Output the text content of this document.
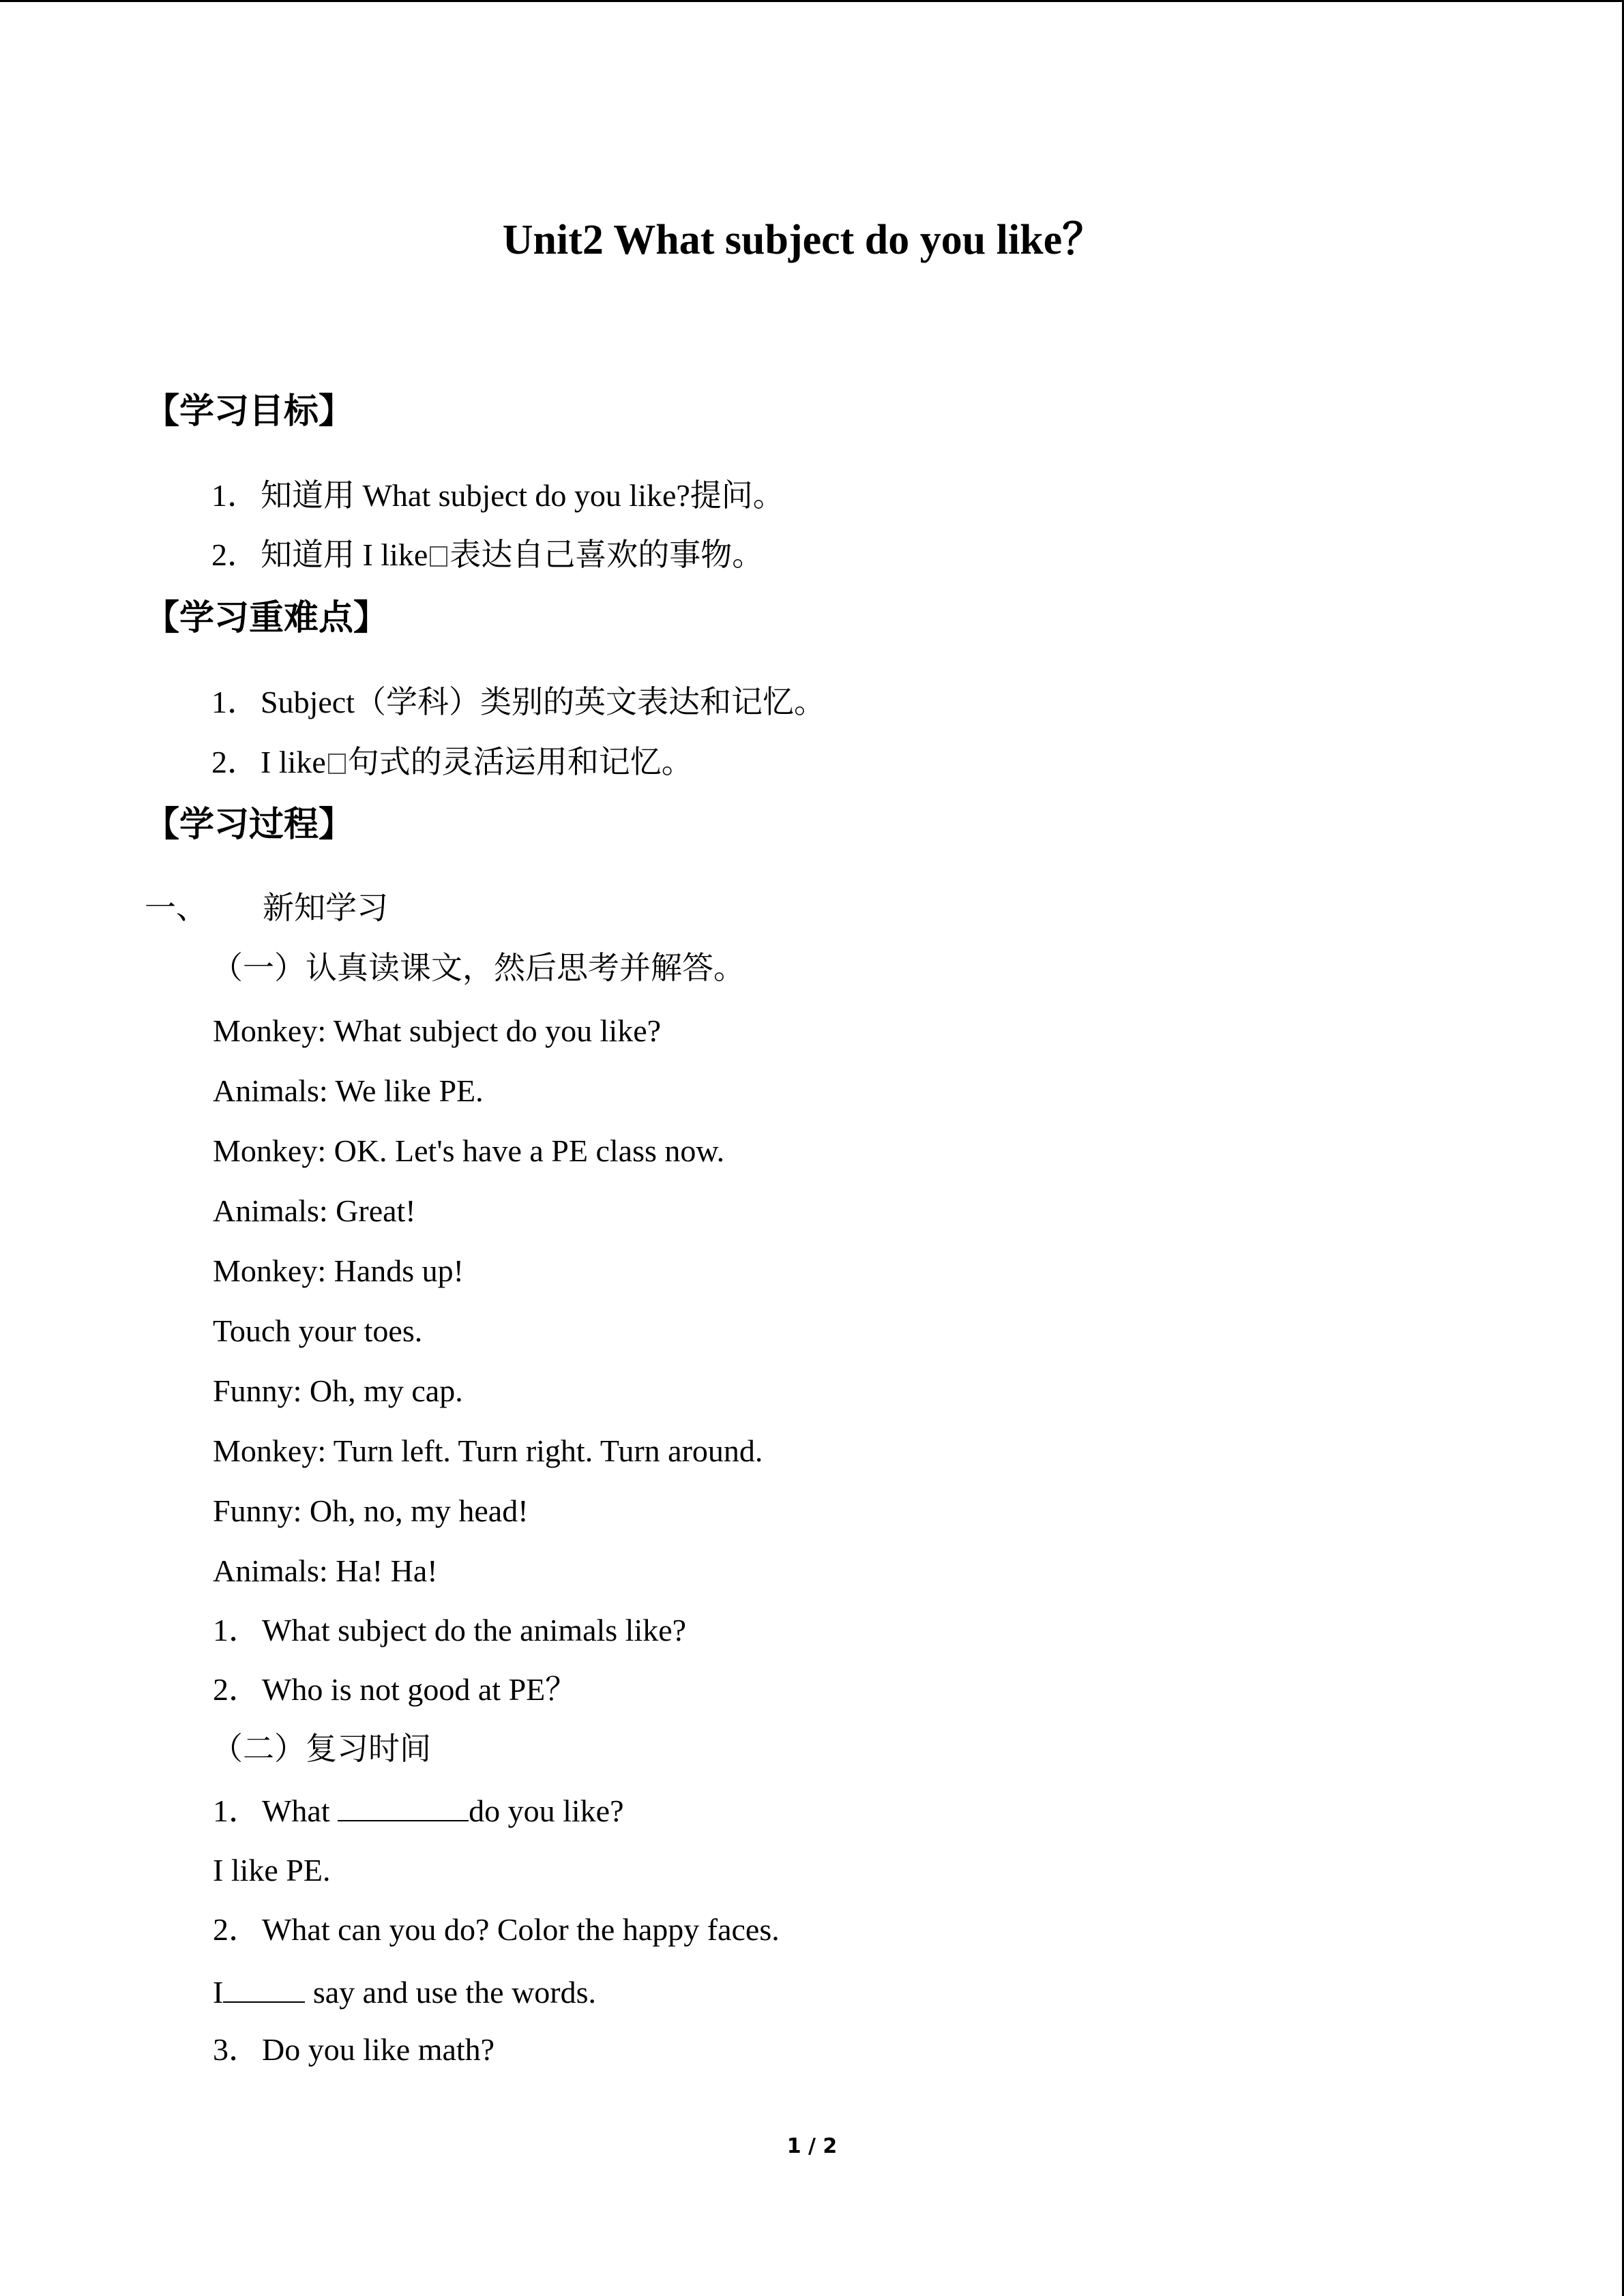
Unit2 What subject do you like？
【学习目标】
1．知道用 What subject do you like?提问。
2．知道用 I like 表达自己喜欢的事物。
【学习重难点】
1．Subject（学科）类别的英文表达和记忆。
2．I like 句式的灵活运用和记忆。
【学习过程】
一、 新知学习
（一）认真读课文，然后思考并解答。
Monkey: What subject do you like?
Animals: We like PE.
Monkey: OK. Let's have a PE class now.
Animals: Great!
Monkey: Hands up!
Touch your toes.
Funny: Oh, my cap.
Monkey: Turn left. Turn right. Turn around.
Funny: Oh, no, my head!
Animals: Ha! Ha!
1．What subject do the animals like?
2．Who is not good at PE？
（二）复习时间
1．What	do you like?
I like PE.
2．What can you do? Color the happy faces.
I	say and use the words.
3．Do you like math?
1 / 2
